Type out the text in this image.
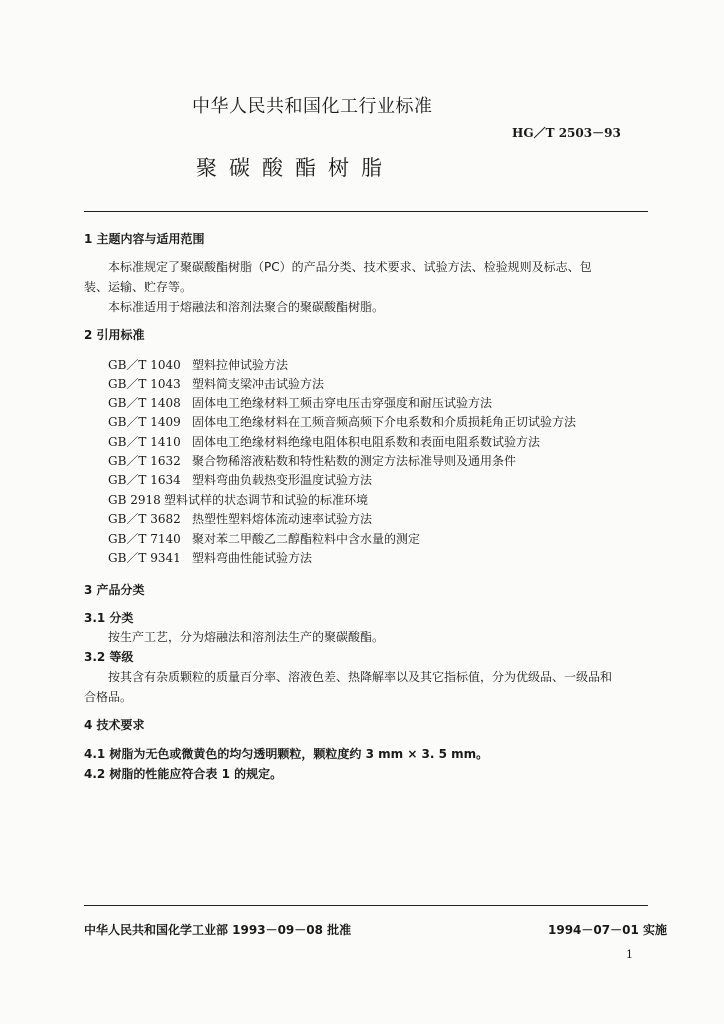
中华人民共和国化工行业标准
HG／T 2503－93
聚碳酸酯树脂
1 主题内容与适用范围
本标准规定了聚碳酸酯树脂（PC）的产品分类、技术要求、试验方法、检验规则及标志、包
装、运输、贮存等。
本标准适用于熔融法和溶剂法聚合的聚碳酸酯树脂。
2 引用标准
GB／T 1040 塑料拉伸试验方法
GB／T 1043 塑料简支梁冲击试验方法
GB／T 1408 固体电工绝缘材料工频击穿电压击穿强度和耐压试验方法
GB／T 1409 固体电工绝缘材料在工频音频高频下介电系数和介质损耗角正切试验方法
GB／T 1410 固体电工绝缘材料绝缘电阻体积电阻系数和表面电阻系数试验方法
GB／T 1632 聚合物稀溶液粘数和特性粘数的测定方法标准导则及通用条件
GB／T 1634 塑料弯曲负载热变形温度试验方法
GB 2918 塑料试样的状态调节和试验的标准环境
GB／T 3682 热塑性塑料熔体流动速率试验方法
GB／T 7140 聚对苯二甲酸乙二醇酯粒料中含水量的测定
GB／T 9341 塑料弯曲性能试验方法
3 产品分类
3.1 分类
按生产工艺，分为熔融法和溶剂法生产的聚碳酸酯。
3.2 等级
按其含有杂质颗粒的质量百分率、溶液色差、热降解率以及其它指标值，分为优级品、一级品和
合格品。
4 技术要求
4.1 树脂为无色或微黄色的均匀透明颗粒，颗粒度约 3 mm × 3. 5 mm。
4.2 树脂的性能应符合表 1 的规定。
中华人民共和国化学工业部 1993－09－08 批准	1994－07－01 实施
1
